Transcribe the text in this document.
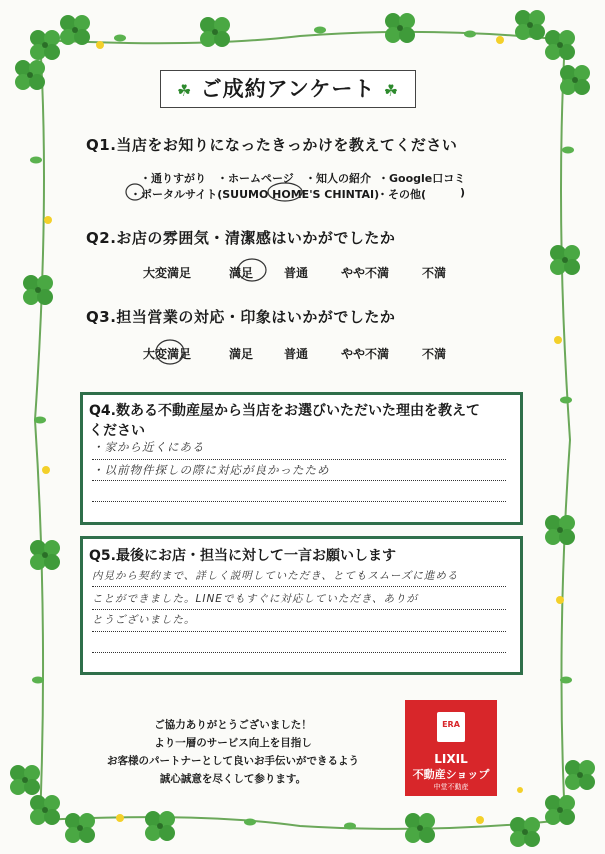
☘ ご成約アンケート ☘
Q1.当店をお知りになったきっかけを教えてください
・通りすがり ・ホームページ ・知人の紹介 ・Google口コミ
・ポータルサイト(SUUMO HOME'S CHINTAI)
・その他(	)
Q2.お店の雰囲気・清潔感はいかがでしたか
大変満足	満足	普通	やや不満	不満
Q3.担当営業の対応・印象はいかがでしたか
大変満足	満足	普通	やや不満	不満
Q4.数ある不動産屋から当店をお選びいただいた理由を教えて
ください
・家から近くにある
・以前物件探しの際に対応が良かったため
Q5.最後にお店・担当に対して一言お願いします
内見から契約まで、詳しく説明していただき、とてもスムーズに進める
ことができました。LINEでもすぐに対応していただき、ありが
とうございました。
ご協力ありがとうございました！
より一層のサービス向上を目指し
お客様のパートナーとして良いお手伝いができるよう
誠心誠意を尽くして参ります。
ERA
LIXIL
不動産ショップ
中堂不動産
